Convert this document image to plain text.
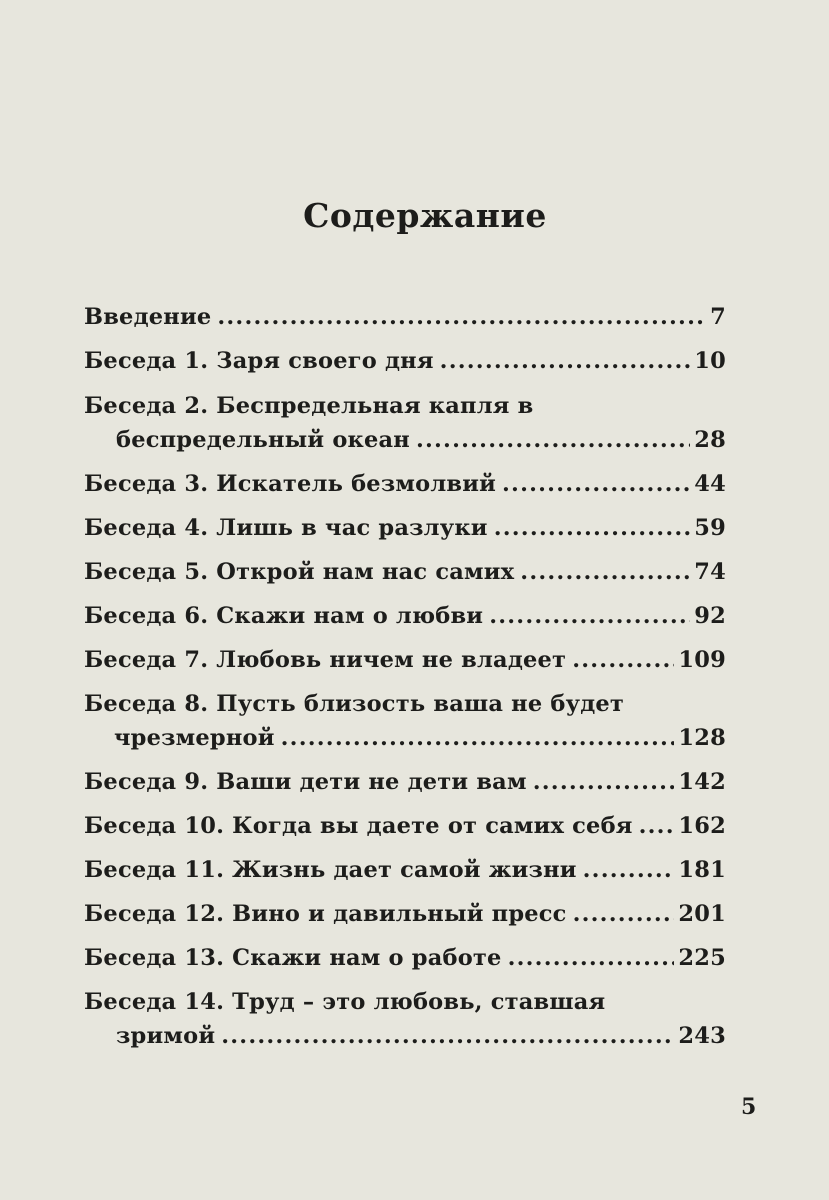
Содержание
Введение .....	7
Беседа 1. Заря своего дня .....	10
Беседа 2. Беспредельная капля в
беспредельный океан .....	28
Беседа 3. Искатель безмолвий .....	44
Беседа 4. Лишь в час разлуки .....	59
Беседа 5. Открой нам нас самих .....	74
Беседа 6. Скажи нам о любви .....	92
Беседа 7. Любовь ничем не владеет .....	109
Беседа 8. Пусть близость ваша не будет
чрезмерной .....	128
Беседа 9. Ваши дети не дети вам .....	142
Беседа 10. Когда вы даете от самих себя ..... 162
Беседа 11. Жизнь дает самой жизни .....	181
Беседа 12. Вино и давильный пресс .....	201
Беседа 13. Скажи нам о работе .....	225
Беседа 14. Труд – это любовь, ставшая
зримой .....	243
5
